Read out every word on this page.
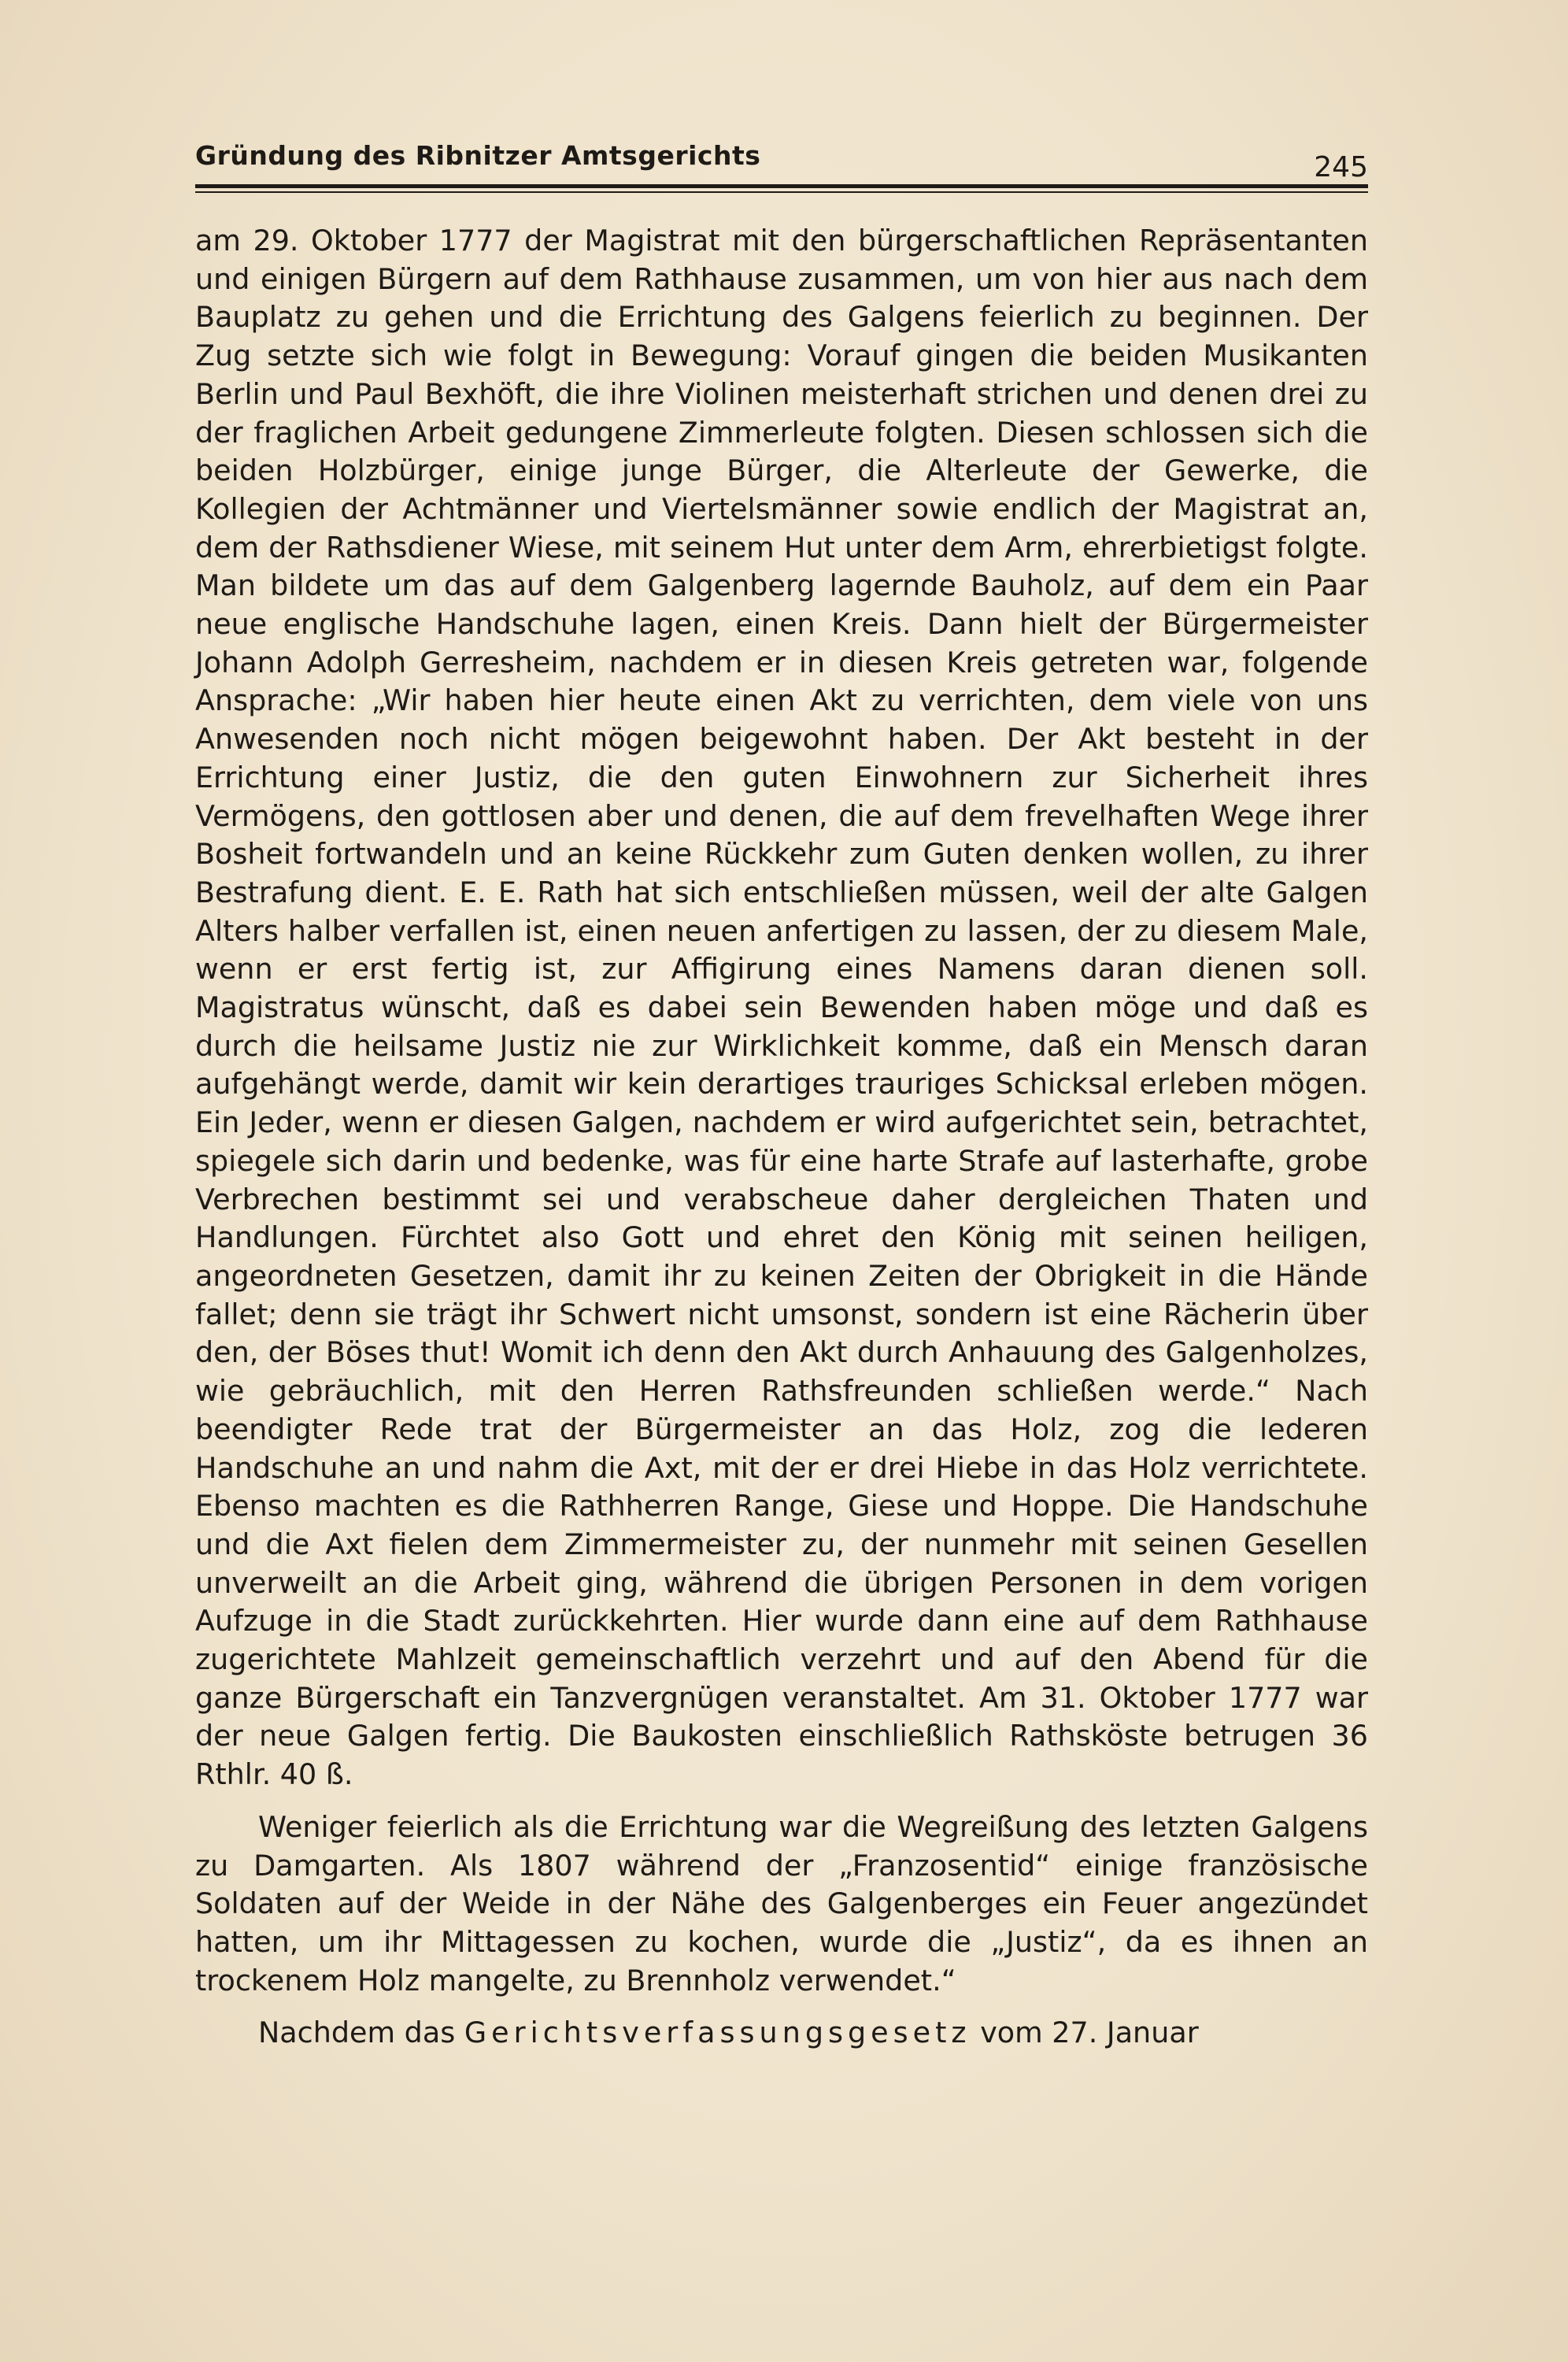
Gründung des Ribnitzer Amtsgerichts	245

am 29. Oktober 1777 der Magistrat mit den bürgerschaftlichen Repräsentanten und einigen Bürgern auf dem Rathhause zusammen, um von hier aus nach dem Bauplatz zu gehen und die Errichtung des Galgens feierlich zu beginnen. Der Zug setzte sich wie folgt in Bewegung: Vorauf gingen die beiden Musikanten Berlin und Paul Bexhöft, die ihre Violinen meisterhaft strichen und denen drei zu der fraglichen Arbeit gedungene Zimmerleute folgten. Diesen schlossen sich die beiden Holzbürger, einige junge Bürger, die Alterleute der Gewerke, die Kollegien der Achtmänner und Viertelsmänner sowie endlich der Magistrat an, dem der Rathsdiener Wiese, mit seinem Hut unter dem Arm, ehrerbietigst folgte. Man bildete um das auf dem Galgenberg lagernde Bauholz, auf dem ein Paar neue englische Handschuhe lagen, einen Kreis. Dann hielt der Bürgermeister Johann Adolph Gerresheim, nachdem er in diesen Kreis getreten war, folgende Ansprache: „Wir haben hier heute einen Akt zu verrichten, dem viele von uns Anwesenden noch nicht mögen beigewohnt haben. Der Akt besteht in der Errichtung einer Justiz, die den guten Einwohnern zur Sicherheit ihres Vermögens, den gottlosen aber und denen, die auf dem frevelhaften Wege ihrer Bosheit fortwandeln und an keine Rückkehr zum Guten denken wollen, zu ihrer Bestrafung dient. E. E. Rath hat sich entschließen müssen, weil der alte Galgen Alters halber verfallen ist, einen neuen anfertigen zu lassen, der zu diesem Male, wenn er erst fertig ist, zur Affigirung eines Namens daran dienen soll. Magistratus wünscht, daß es dabei sein Bewenden haben möge und daß es durch die heilsame Justiz nie zur Wirklichkeit komme, daß ein Mensch daran aufgehängt werde, damit wir kein derartiges trauriges Schicksal erleben mögen. Ein Jeder, wenn er diesen Galgen, nachdem er wird aufgerichtet sein, betrachtet, spiegele sich darin und bedenke, was für eine harte Strafe auf lasterhafte, grobe Verbrechen bestimmt sei und verabscheue daher dergleichen Thaten und Handlungen. Fürchtet also Gott und ehret den König mit seinen heiligen, angeordneten Gesetzen, damit ihr zu keinen Zeiten der Obrigkeit in die Hände fallet; denn sie trägt ihr Schwert nicht umsonst, sondern ist eine Rächerin über den, der Böses thut! Womit ich denn den Akt durch Anhauung des Galgenholzes, wie gebräuchlich, mit den Herren Rathsfreunden schließen werde.“ Nach beendigter Rede trat der Bürgermeister an das Holz, zog die lederen Handschuhe an und nahm die Axt, mit der er drei Hiebe in das Holz verrichtete. Ebenso machten es die Rathherren Range, Giese und Hoppe. Die Handschuhe und die Axt fielen dem Zimmermeister zu, der nunmehr mit seinen Gesellen unverweilt an die Arbeit ging, während die übrigen Personen in dem vorigen Aufzuge in die Stadt zurückkehrten. Hier wurde dann eine auf dem Rathhause zugerichtete Mahlzeit gemeinschaftlich verzehrt und auf den Abend für die ganze Bürgerschaft ein Tanzvergnügen veranstaltet. Am 31. Oktober 1777 war der neue Galgen fertig. Die Baukosten einschließlich Rathsköste betrugen 36 Rthlr. 40 ß.

Weniger feierlich als die Errichtung war die Wegreißung des letzten Galgens zu Damgarten. Als 1807 während der „Franzosentid“ einige französische Soldaten auf der Weide in der Nähe des Galgenberges ein Feuer angezündet hatten, um ihr Mittagessen zu kochen, wurde die „Justiz“, da es ihnen an trockenem Holz mangelte, zu Brennholz verwendet.“

Nachdem das Gerichtsverfassungsgesetz vom 27. Januar
